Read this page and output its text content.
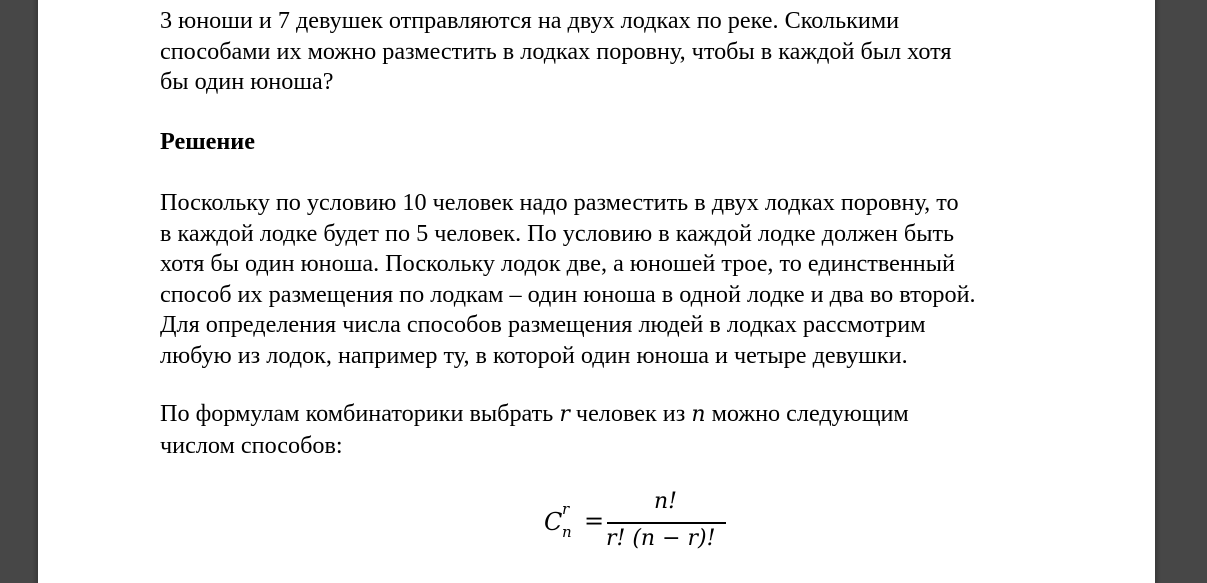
3 юноши и 7 девушек отправляются на двух лодках по реке. Сколькими
способами их можно разместить в лодках поровну, чтобы в каждой был хотя
бы один юноша?
Решение
Поскольку по условию 10 человек надо разместить в двух лодках поровну, то
в каждой лодке будет по 5 человек. По условию в каждой лодке должен быть
хотя бы один юноша. Поскольку лодок две, а юношей трое, то единственный
способ их размещения по лодкам – один юноша в одной лодке и два во второй.
Для определения числа способов размещения людей в лодках рассмотрим
любую из лодок, например ту, в которой один юноша и четыре девушки.
По формулам комбинаторики выбрать r человек из n можно следующим
числом способов:
C r
n =
n!
r! (n − r)!
